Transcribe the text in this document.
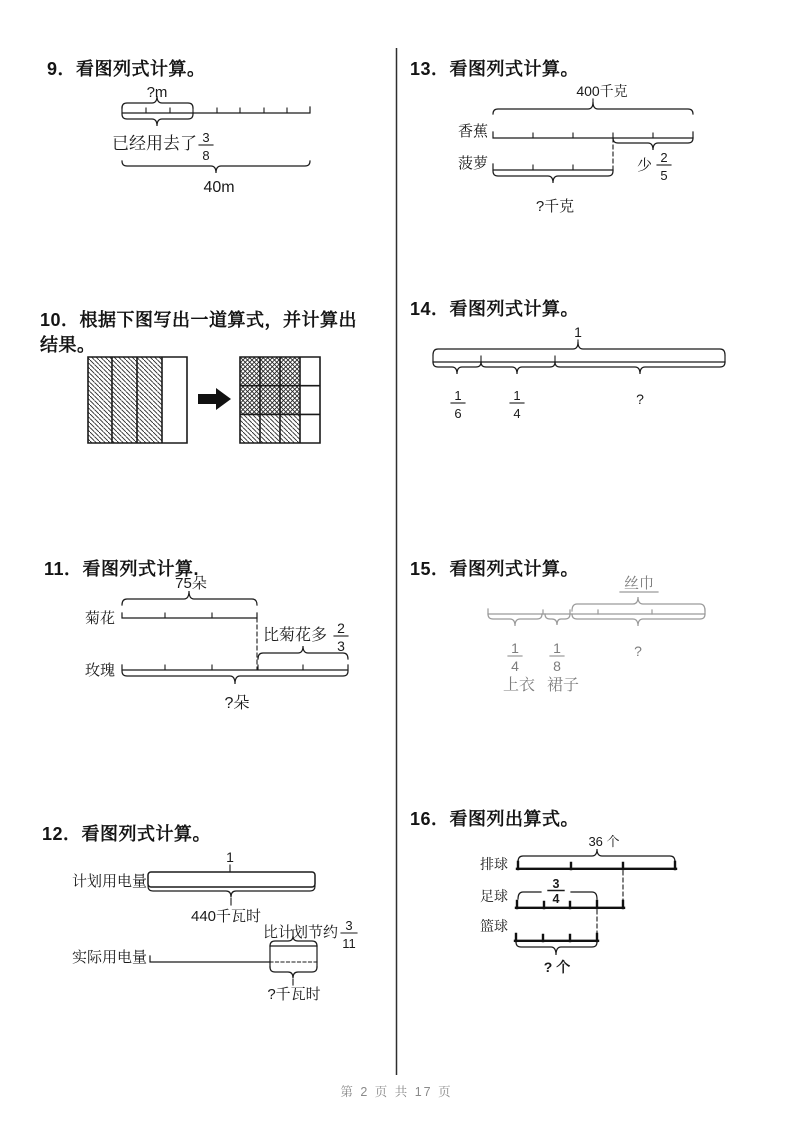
9．看图列式计算。	13．看图列式计算。
10．根据下图写出一道算式，并计算出
结果。
14．看图列式计算。
11．看图列式计算.	15．看图列式计算。
12．看图列式计算。
16．看图列出算式。
?m
已经用去了 3
8
40m
400千克
香蕉
少 2
5
菠萝
?千克
1
1
6
1
4
?
75朵
菊花
比菊花多 2
3
玫瑰
?朵
丝巾
1
4
1
8
?
上衣 裙子
1
计划用电量
440千瓦时
比计划节约 3
11
实际用电量
?千瓦时
36 个
排球
足球
3
4
篮球
? 个
第 2 页 共 17 页
